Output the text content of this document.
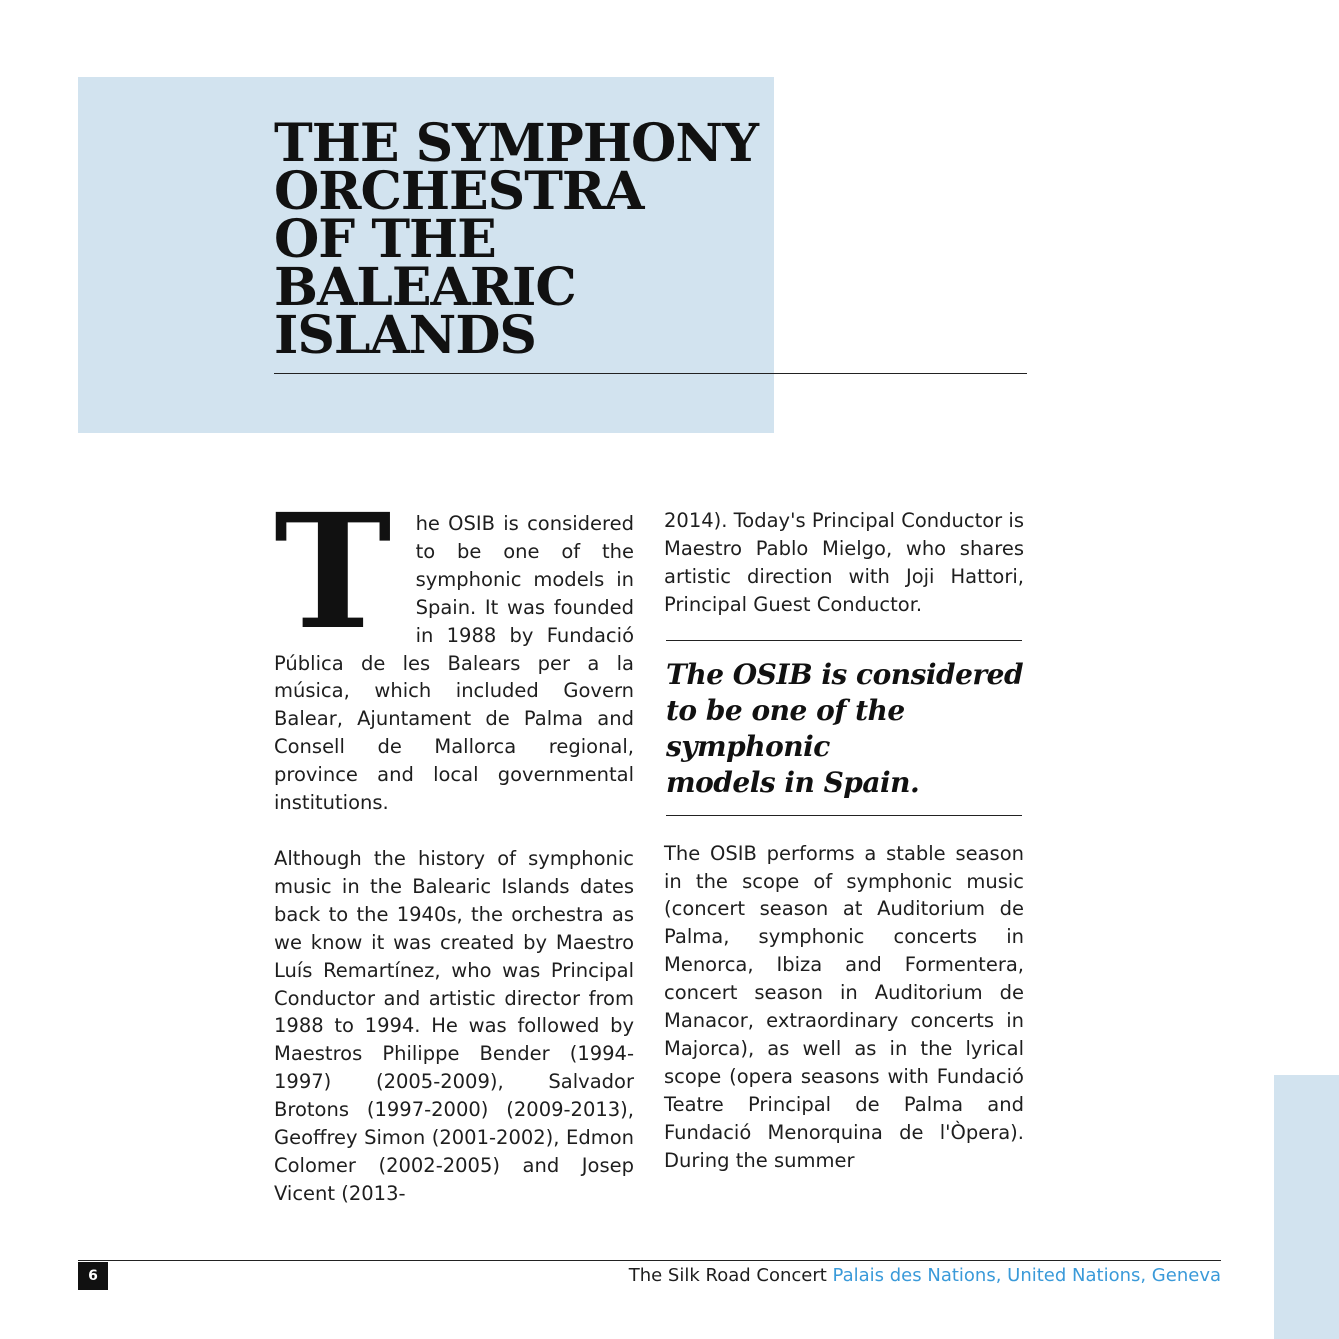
THE SYMPHONY
ORCHESTRA
OF THE
BALEARIC
ISLANDS

T he OSIB is considered to be one of the symphonic models in Spain. It was founded in 1988 by Fundació Pública de les Balears per a la música, which included Govern Balear, Ajuntament de Palma and Consell de Mallorca regional, province and local governmental institutions.

Although the history of symphonic music in the Balearic Islands dates back to the 1940s, the orchestra as we know it was created by Maestro Luís Remartínez, who was Principal Conductor and artistic director from 1988 to 1994. He was followed by Maestros Philippe Bender (1994-1997) (2005-2009), Salvador Brotons (1997-2000) (2009-2013), Geoffrey Simon (2001-2002), Edmon Colomer (2002-2005) and Josep Vicent (2013-

2014). Today's Principal Conductor is Maestro Pablo Mielgo, who shares artistic direction with Joji Hattori, Principal Guest Conductor.

The OSIB is considered
to be one of the
symphonic
models in Spain.

The OSIB performs a stable season in the scope of symphonic music (concert season at Auditorium de Palma, symphonic concerts in Menorca, Ibiza and Formentera, concert season in Auditorium de Manacor, extraordinary concerts in Majorca), as well as in the lyrical scope (opera seasons with Fundació Teatre Principal de Palma and Fundació Menorquina de l'Òpera). During the summer

6	The Silk Road Concert Palais des Nations, United Nations, Geneva
